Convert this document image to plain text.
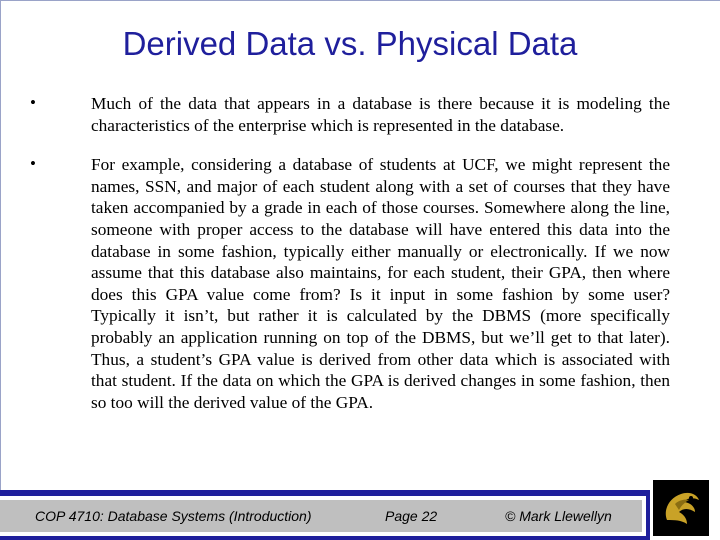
Derived Data vs. Physical Data
•	Much of the data that appears in a database is there because it is modeling the characteristics of the enterprise which is represented in the database.

•	For example, considering a database of students at UCF, we might represent the names, SSN, and major of each student along with a set of courses that they have taken accompanied by a grade in each of those courses. Somewhere along the line, someone with proper access to the database will have entered this data into the database in some fashion, typically either manually or electronically. If we now assume that this database also maintains, for each student, their GPA, then where does this GPA value come from? Is it input in some fashion by some user? Typically it isn’t, but rather it is calculated by the DBMS (more specifically probably an application running on top of the DBMS, but we’ll get to that later). Thus, a student’s GPA value is derived from other data which is associated with that student. If the data on which the GPA is derived changes in some fashion, then so too will the derived value of the GPA.

COP 4710: Database Systems (Introduction)	Page 22	© Mark Llewellyn
